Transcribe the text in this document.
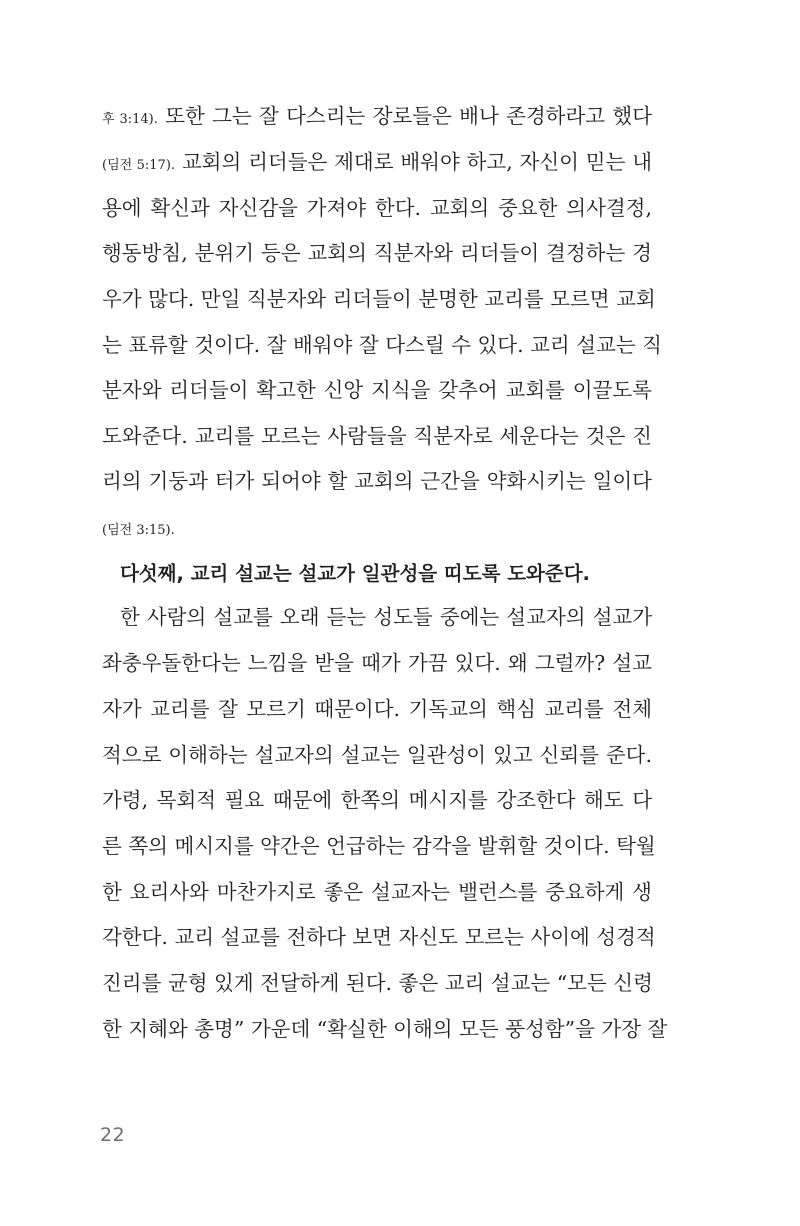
후 3:14). 또한 그는 잘 다스리는 장로들은 배나 존경하라고 했다
(딤전 5:17). 교회의 리더들은 제대로 배워야 하고, 자신이 믿는 내
용에 확신과 자신감을 가져야 한다. 교회의 중요한 의사결정,
행동방침, 분위기 등은 교회의 직분자와 리더들이 결정하는 경
우가 많다. 만일 직분자와 리더들이 분명한 교리를 모르면 교회
는 표류할 것이다. 잘 배워야 잘 다스릴 수 있다. 교리 설교는 직
분자와 리더들이 확고한 신앙 지식을 갖추어 교회를 이끌도록
도와준다. 교리를 모르는 사람들을 직분자로 세운다는 것은 진
리의 기둥과 터가 되어야 할 교회의 근간을 약화시키는 일이다
(딤전 3:15).
다섯째, 교리 설교는 설교가 일관성을 띠도록 도와준다.
한 사람의 설교를 오래 듣는 성도들 중에는 설교자의 설교가
좌충우돌한다는 느낌을 받을 때가 가끔 있다. 왜 그럴까? 설교
자가 교리를 잘 모르기 때문이다. 기독교의 핵심 교리를 전체
적으로 이해하는 설교자의 설교는 일관성이 있고 신뢰를 준다.
가령, 목회적 필요 때문에 한쪽의 메시지를 강조한다 해도 다
른 쪽의 메시지를 약간은 언급하는 감각을 발휘할 것이다. 탁월
한 요리사와 마찬가지로 좋은 설교자는 밸런스를 중요하게 생
각한다. 교리 설교를 전하다 보면 자신도 모르는 사이에 성경적
진리를 균형 있게 전달하게 된다. 좋은 교리 설교는 “모든 신령
한 지혜와 총명” 가운데 “확실한 이해의 모든 풍성함”을 가장 잘
22
